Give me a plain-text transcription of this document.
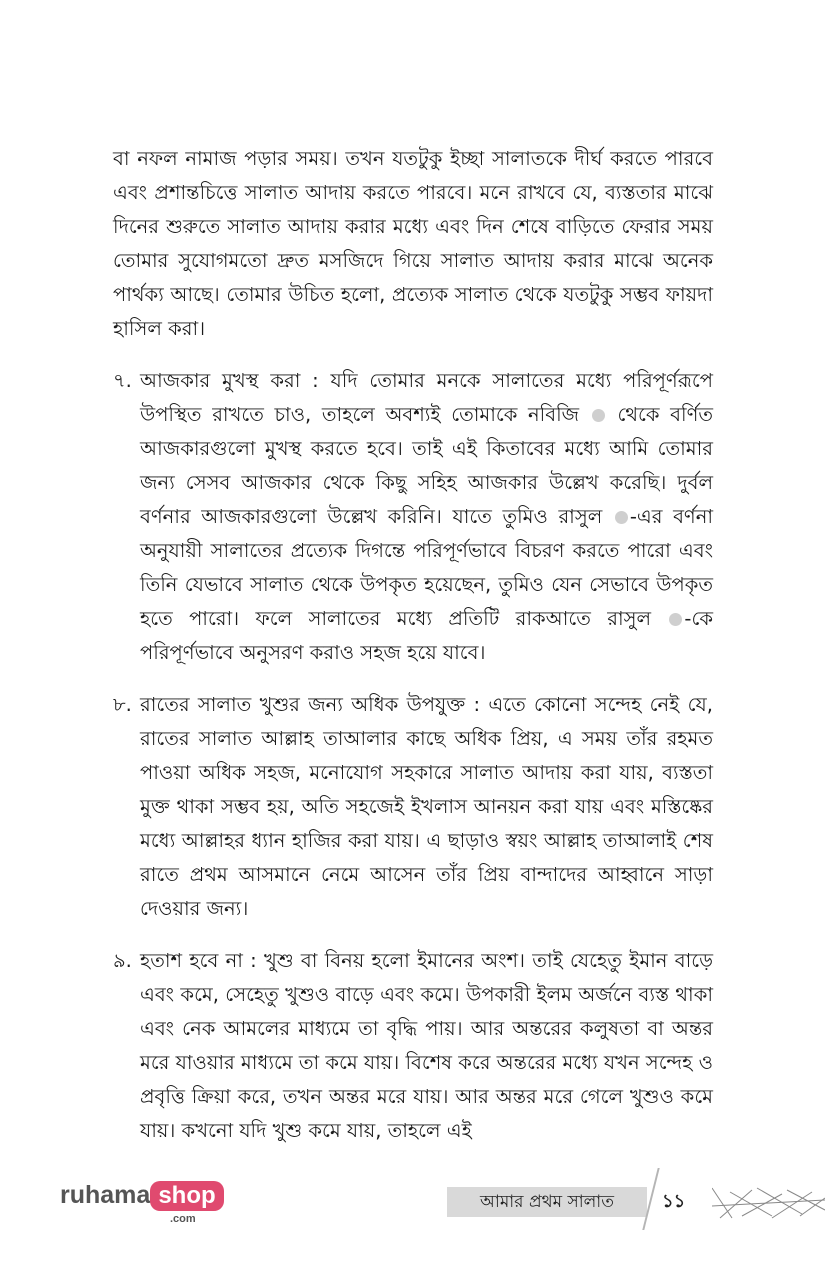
বা নফল নামাজ পড়ার সময়। তখন যতটুকু ইচ্ছা সালাতকে দীর্ঘ করতে পারবে এবং প্রশান্তচিত্তে সালাত আদায় করতে পারবে। মনে রাখবে যে, ব্যস্ততার মাঝে দিনের শুরুতে সালাত আদায় করার মধ্যে এবং দিন শেষে বাড়িতে ফেরার সময় তোমার সুযোগমতো দ্রুত মসজিদে গিয়ে সালাত আদায় করার মাঝে অনেক পার্থক্য আছে। তোমার উচিত হলো, প্রত্যেক সালাত থেকে যতটুকু সম্ভব ফায়দা হাসিল করা।

৭. আজকার মুখস্থ করা : যদি তোমার মনকে সালাতের মধ্যে পরিপূর্ণরূপে উপস্থিত রাখতে চাও, তাহলে অবশ্যই তোমাকে নবিজি থেকে বর্ণিত আজকারগুলো মুখস্থ করতে হবে। তাই এই কিতাবের মধ্যে আমি তোমার জন্য সেসব আজকার থেকে কিছু সহিহ আজকার উল্লেখ করেছি। দুর্বল বর্ণনার আজকারগুলো উল্লেখ করিনি। যাতে তুমিও রাসুল -এর বর্ণনা অনুযায়ী সালাতের প্রত্যেক দিগন্তে পরিপূর্ণভাবে বিচরণ করতে পারো এবং তিনি যেভাবে সালাত থেকে উপকৃত হয়েছেন, তুমিও যেন সেভাবে উপকৃত হতে পারো। ফলে সালাতের মধ্যে প্রতিটি রাকআতে রাসুল -কে পরিপূর্ণভাবে অনুসরণ করাও সহজ হয়ে যাবে।
৮. রাতের সালাত খুশুর জন্য অধিক উপযুক্ত : এতে কোনো সন্দেহ নেই যে, রাতের সালাত আল্লাহ তাআলার কাছে অধিক প্রিয়, এ সময় তাঁর রহমত পাওয়া অধিক সহজ, মনোযোগ সহকারে সালাত আদায় করা যায়, ব্যস্ততা মুক্ত থাকা সম্ভব হয়, অতি সহজেই ইখলাস আনয়ন করা যায় এবং মস্তিষ্কের মধ্যে আল্লাহর ধ্যান হাজির করা যায়। এ ছাড়াও স্বয়ং আল্লাহ তাআলাই শেষ রাতে প্রথম আসমানে নেমে আসেন তাঁর প্রিয় বান্দাদের আহ্বানে সাড়া দেওয়ার জন্য।
৯. হতাশ হবে না : খুশু বা বিনয় হলো ইমানের অংশ। তাই যেহেতু ইমান বাড়ে এবং কমে, সেহেতু খুশুও বাড়ে এবং কমে। উপকারী ইলম অর্জনে ব্যস্ত থাকা এবং নেক আমলের মাধ্যমে তা বৃদ্ধি পায়। আর অন্তরের কলুষতা বা অন্তর মরে যাওয়ার মাধ্যমে তা কমে যায়। বিশেষ করে অন্তরের মধ্যে যখন সন্দেহ ও প্রবৃত্তি ক্রিয়া করে, তখন অন্তর মরে যায়। আর অন্তর মরে গেলে খুশুও কমে যায়। কখনো যদি খুশু কমে যায়, তাহলে এই
ruhama shop
.com
আমার প্রথম সালাত	১১
